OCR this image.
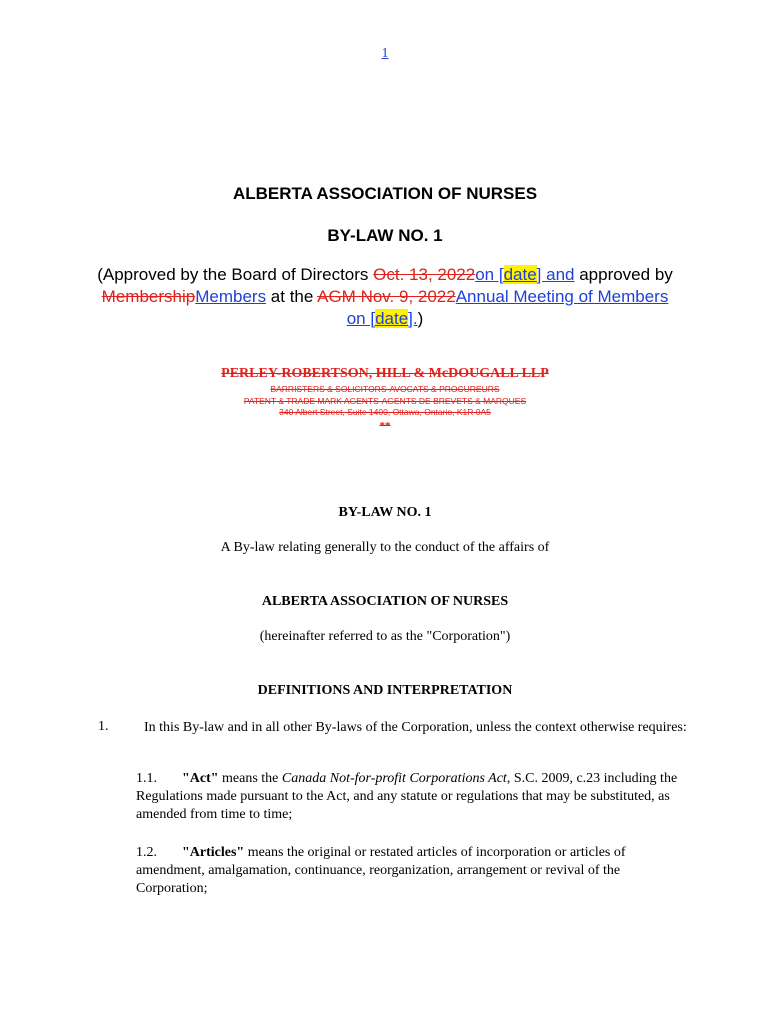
1
ALBERTA ASSOCIATION OF NURSES
BY-LAW NO. 1
(Approved by the Board of Directors Oct. 13, 2022on [date] and approved by
MembershipMembers at the AGM Nov. 9, 2022Annual Meeting of Members
on [date].)
PERLEY-ROBERTSON, HILL & McDOUGALL LLP
BARRISTERS & SOLICITORS-AVOCATS & PROCUREURS
PATENT & TRADE MARK AGENTS-AGENTS DE BREVETS & MARQUES
340 Albert Street, Suite 1400, Ottawa, Ontario, K1R 0A5
**
BY-LAW NO. 1
A By-law relating generally to the conduct of the affairs of
ALBERTA ASSOCIATION OF NURSES
(hereinafter referred to as the "Corporation")
DEFINITIONS AND INTERPRETATION
1.	In this By-law and in all other By-laws of the Corporation, unless the context otherwise requires:
1.1. "Act" means the Canada Not-for-profit Corporations Act, S.C. 2009, c.23 including the Regulations made pursuant to the Act, and any statute or regulations that may be substituted, as amended from time to time;
1.2. "Articles" means the original or restated articles of incorporation or articles of amendment, amalgamation, continuance, reorganization, arrangement or revival of the Corporation;
